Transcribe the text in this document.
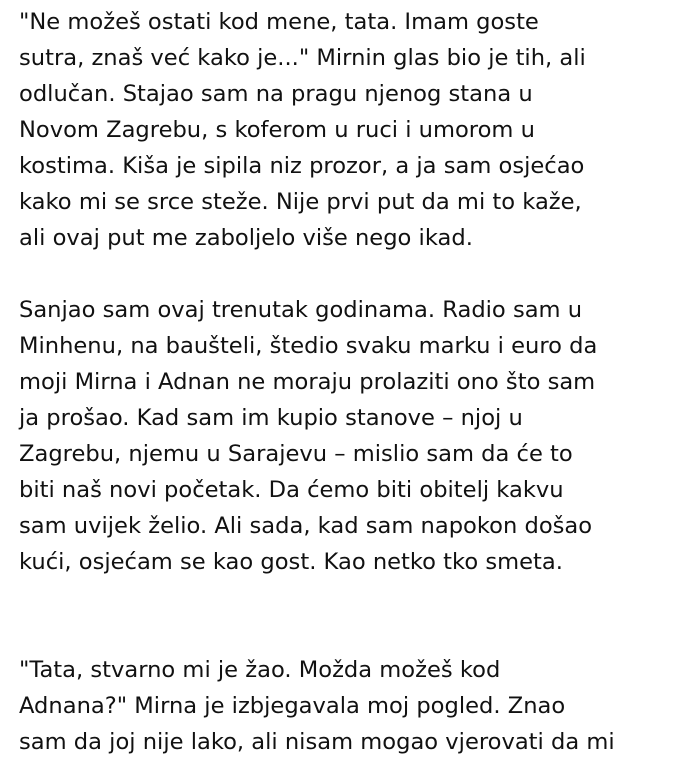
"Ne možeš ostati kod mene, tata. Imam goste
sutra, znaš već kako je..." Mirnin glas bio je tih, ali
odlučan. Stajao sam na pragu njenog stana u
Novom Zagrebu, s koferom u ruci i umorom u
kostima. Kiša je sipila niz prozor, a ja sam osjećao
kako mi se srce steže. Nije prvi put da mi to kaže,
ali ovaj put me zaboljelo više nego ikad.

Sanjao sam ovaj trenutak godinama. Radio sam u
Minhenu, na baušteli, štedio svaku marku i euro da
moji Mirna i Adnan ne moraju prolaziti ono što sam
ja prošao. Kad sam im kupio stanove – njoj u
Zagrebu, njemu u Sarajevu – mislio sam da će to
biti naš novi početak. Da ćemo biti obitelj kakvu
sam uvijek želio. Ali sada, kad sam napokon došao
kući, osjećam se kao gost. Kao netko tko smeta.

"Tata, stvarno mi je žao. Možda možeš kod
Adnana?" Mirna je izbjegavala moj pogled. Znao
sam da joj nije lako, ali nisam mogao vjerovati da mi
